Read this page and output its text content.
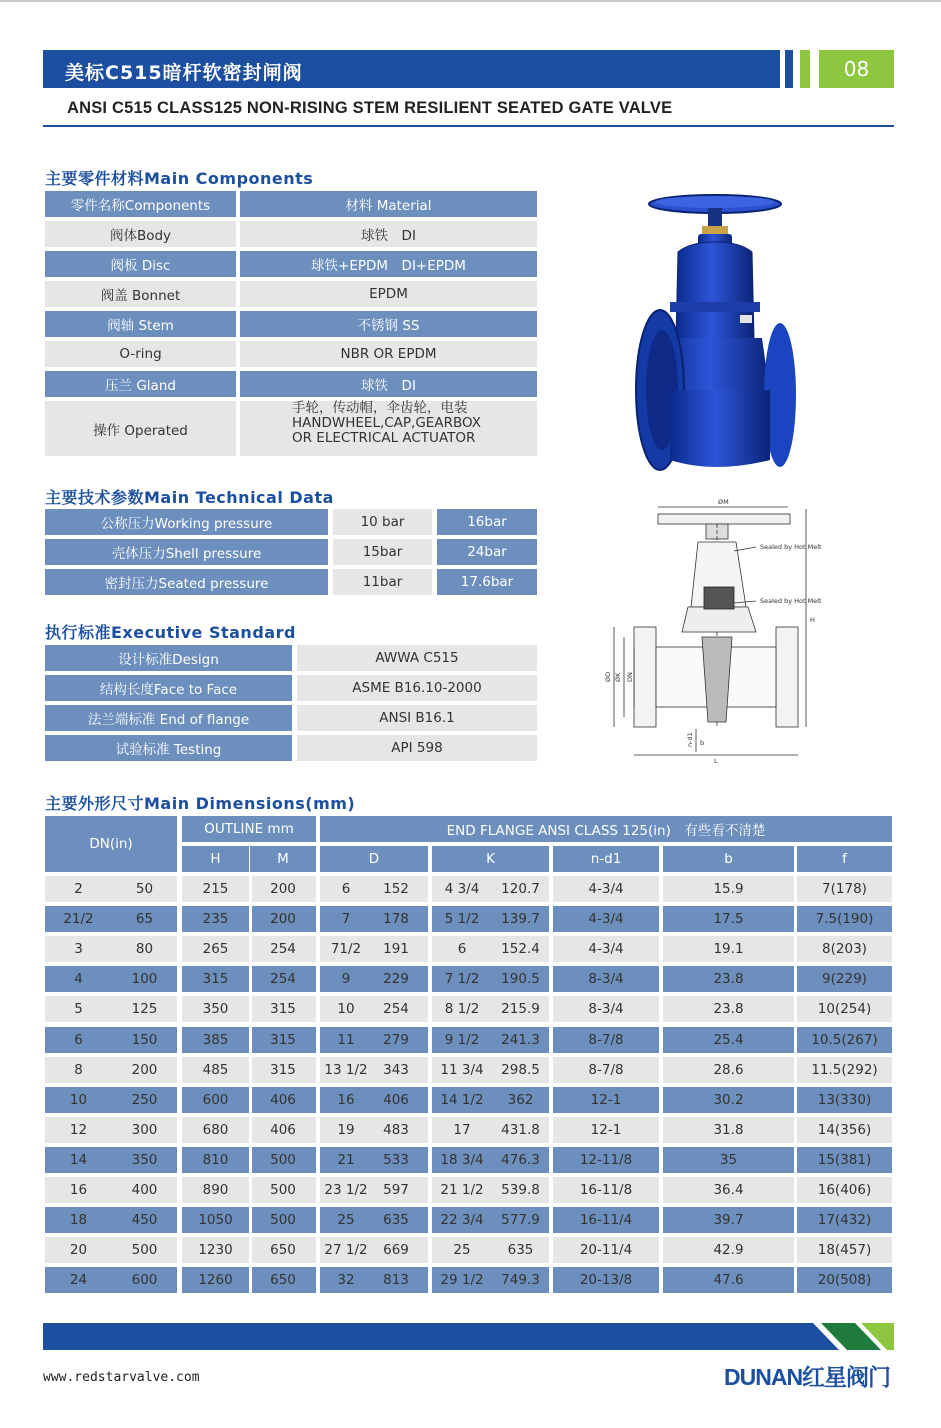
美标C515暗杆软密封闸阀	08
ANSI C515 CLASS125 NON-RISING STEM RESILIENT SEATED GATE VALVE
主要零件材料Main Components
零件名称Components	材料 Material
阀体Body	球铁　DI
阀板 Disc	球铁+EPDM　DI+EPDM
阀盖 Bonnet	EPDM
阀轴 Stem	不锈钢 SS
O-ring	NBR OR EPDM
压兰 Gland	球铁　DI
操作 Operated
手轮，传动帽，伞齿轮，电装
HANDWHEEL,CAP,GEARBOX
OR ELECTRICAL ACTUATOR
主要技术参数Main Technical Data
公称压力Working pressure	10 bar	16bar
壳体压力Shell pressure	15bar	24bar
密封压力Seated pressure	11bar	17.6bar
执行标准Executive Standard
设计标准Design	AWWA C515
结构长度Face to Face	ASME B16.10-2000
法兰端标准 End of flange	ANSI B16.1
试验标准 Testing	API 598
ØM
Sealed by Hot Melt
Sealed by Hot Melt
ØD ØK DN
L
H
n-d1 b
主要外形尺寸Main Dimensions(mm)
DN(in)
OUTLINE mm	END FLANGE ANSI CLASS 125(in)　有些看不清楚
H	M	D	K	n-d1	b	f
2	50	215	200	6	152	4 3/4	120.7	4-3/4	15.9	7(178)
21/2	65	235	200	7	178	5 1/2	139.7	4-3/4	17.5	7.5(190)
3	80	265	254	71/2	191	6	152.4	4-3/4	19.1	8(203)
4	100	315	254	9	229	7 1/2	190.5	8-3/4	23.8	9(229)
5	125	350	315	10	254	8 1/2	215.9	8-3/4	23.8	10(254)
6	150	385	315	11	279	9 1/2	241.3	8-7/8	25.4	10.5(267)
8	200	485	315	13 1/2	343	11 3/4	298.5	8-7/8	28.6	11.5(292)
10	250	600	406	16	406	14 1/2	362	12-1	30.2	13(330)
12	300	680	406	19	483	17	431.8	12-1	31.8	14(356)
14	350	810	500	21	533	18 3/4	476.3	12-11/8	35	15(381)
16	400	890	500	23 1/2	597	21 1/2	539.8	16-11/8	36.4	16(406)
18	450	1050	500	25	635	22 3/4	577.9	16-11/4	39.7	17(432)
20	500	1230	650	27 1/2	669	25	635	20-11/4	42.9	18(457)
24	600	1260	650	32	813	29 1/2	749.3	20-13/8	47.6	20(508)
www.redstarvalve.com	DUNAN红星阀门
